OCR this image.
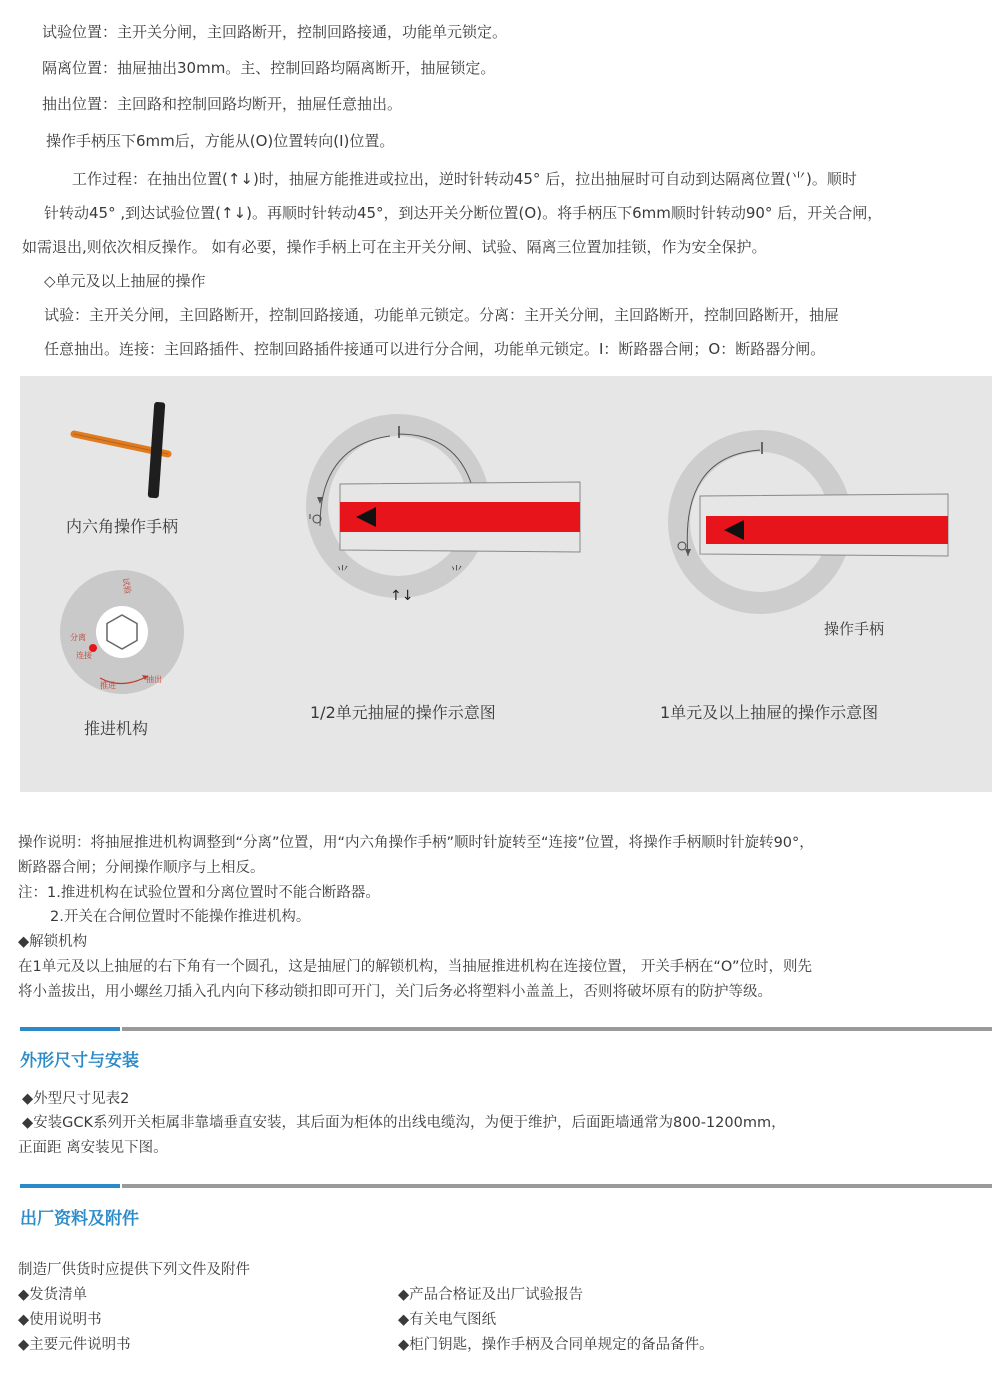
试验位置：主开关分闸，主回路断开，控制回路接通，功能单元锁定。
隔离位置：抽屉抽出30mm。主、控制回路均隔离断开，抽屉锁定。
抽出位置：主回路和控制回路均断开，抽屉任意抽出。
操作手柄压下6mm后，方能从(O)位置转向(I)位置。
工作过程：在抽出位置(↑↓)时，抽屉方能推进或拉出，逆时针转动45° 后，拉出抽屉时可自动到达隔离位置(⺌)。顺时
针转动45° ,到达试验位置(↑↓)。再顺时针转动45°，到达开关分断位置(O)。将手柄压下6mm顺时针转动90° 后，开关合闸，
如需退出,则依次相反操作。 如有必要，操作手柄上可在主开关分闸、试验、隔离三位置加挂锁，作为安全保护。
◇单元及以上抽屉的操作
试验：主开关分闸，主回路断开，控制回路接通，功能单元锁定。分离：主开关分闸，主回路断开，控制回路断开，抽屉
任意抽出。连接：主回路插件、控制回路插件接通可以进行分合闸，功能单元锁定。I：断路器合闸；O：断路器分闸。
⺌	⺌
↑↓
内六角操作手柄
推进机构
1/2单元抽屉的操作示意图	1单元及以上抽屉的操作示意图
操作手柄
试验
分离
连接
推进
抽出
操作说明：将抽屉推进机构调整到“分离”位置，用“内六角操作手柄”顺时针旋转至“连接”位置，将操作手柄顺时针旋转90°，
断路器合闸；分闸操作顺序与上相反。
注：1.推进机构在试验位置和分离位置时不能合断路器。
2.开关在合闸位置时不能操作推进机构。
◆解锁机构
在1单元及以上抽屉的右下角有一个圆孔，这是抽屉门的解锁机构，当抽屉推进机构在连接位置， 开关手柄在“O”位时，则先
将小盖拔出，用小螺丝刀插入孔内向下移动锁扣即可开门，关门后务必将塑料小盖盖上，否则将破坏原有的防护等级。
外形尺寸与安装
◆外型尺寸见表2
◆安装GCK系列开关柜属非靠墙垂直安装，其后面为柜体的出线电缆沟，为便于维护，后面距墙通常为800-1200mm，
正面距 离安装见下图。
出厂资料及附件
制造厂供货时应提供下列文件及附件
◆发货清单
◆使用说明书
◆主要元件说明书
◆产品合格证及出厂试验报告
◆有关电气图纸
◆柜门钥匙，操作手柄及合同单规定的备品备件。
